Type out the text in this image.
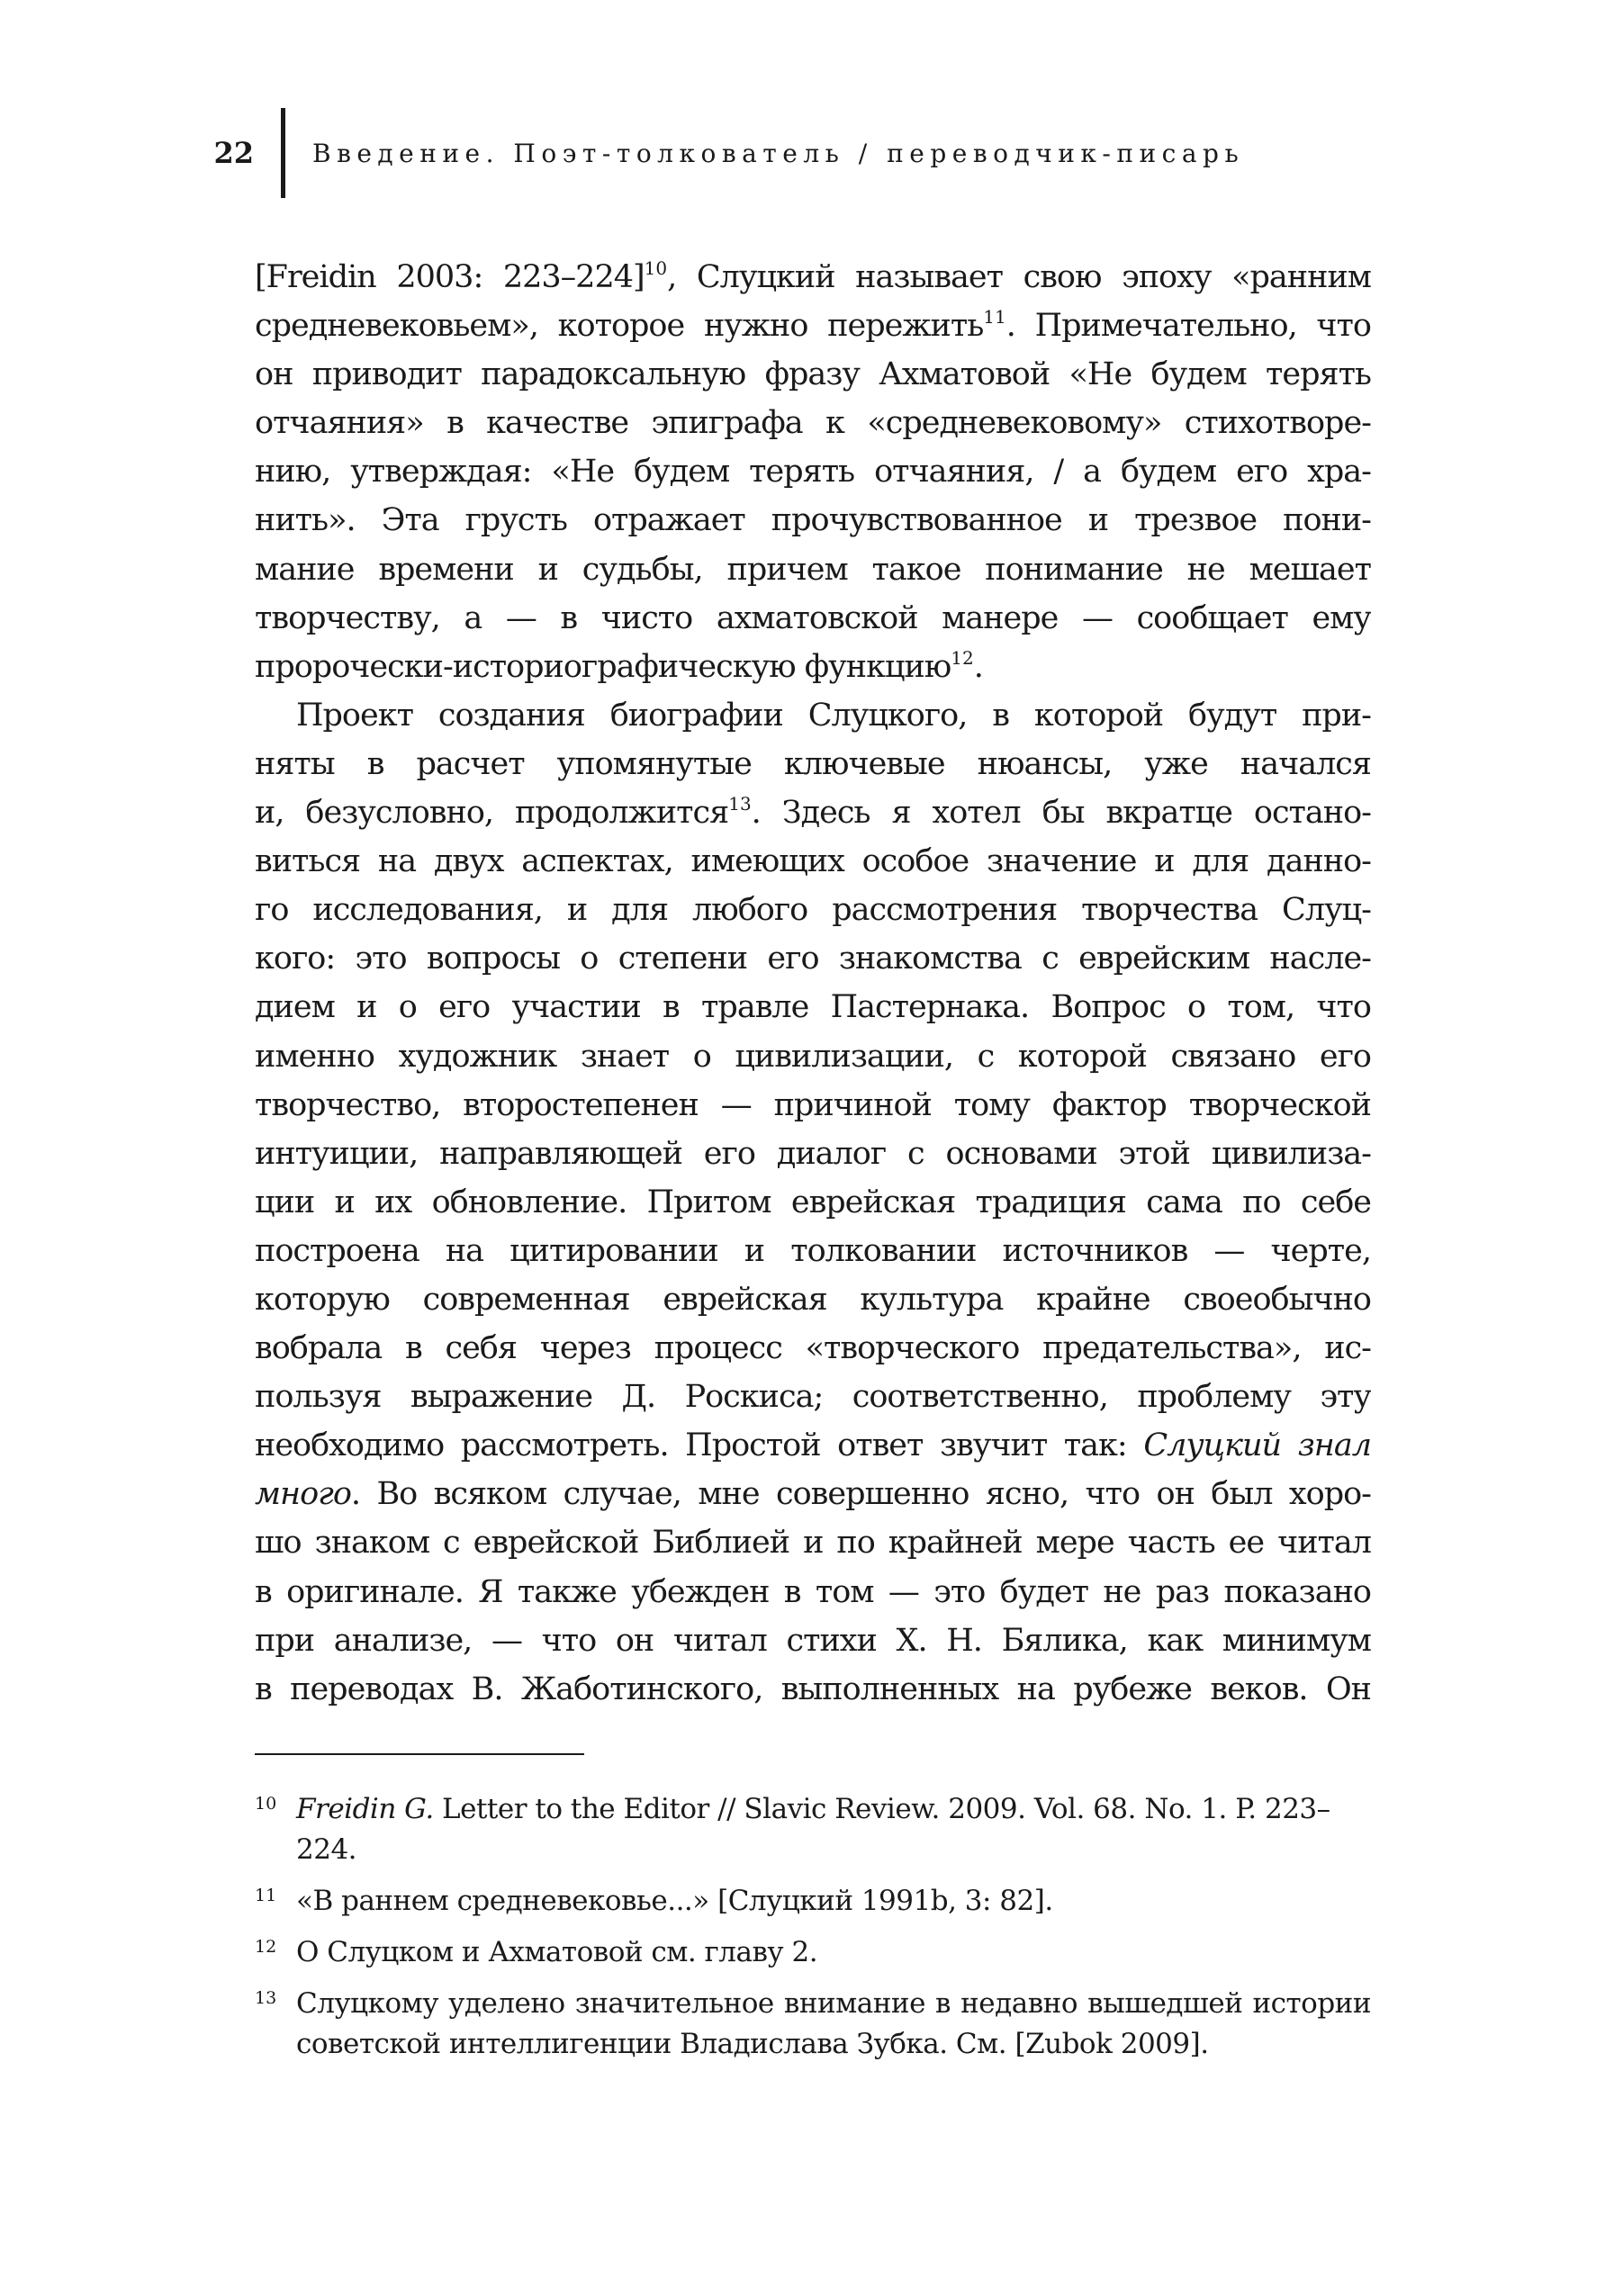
22 Введение. Поэт-толкователь / переводчик-писарь
[Freidin 2003: 223–224]$^{10}$, Слуцкий называет свою эпоху «ранним
средневековьем», которое нужно пережить$^{11}$. Примечательно, что
он приводит парадоксальную фразу Ахматовой «Не будем терять
отчаяния» в качестве эпиграфа к «средневековому» стихотворе-
нию, утверждая: «Не будем терять отчаяния, / а будем его хра-
нить». Эта грусть отражает прочувствованное и трезвое пони-
мание времени и судьбы, причем такое понимание не мешает
творчеству, а — в чисто ахматовской манере — сообщает ему
пророчески-историографическую функцию$^{12}$.
Проект создания биографии Слуцкого, в которой будут при-
няты в расчет упомянутые ключевые нюансы, уже начался
и, безусловно, продолжится$^{13}$. Здесь я хотел бы вкратце остано-
виться на двух аспектах, имеющих особое значение и для данно-
го исследования, и для любого рассмотрения творчества Слуц-
кого: это вопросы о степени его знакомства с еврейским насле-
дием и о его участии в травле Пастернака. Вопрос о том, что
именно художник знает о цивилизации, с которой связано его
творчество, второстепенен — причиной тому фактор творческой
интуиции, направляющей его диалог с основами этой цивилиза-
ции и их обновление. Притом еврейская традиция сама по себе
построена на цитировании и толковании источников — черте,
которую современная еврейская культура крайне своеобычно
вобрала в себя через процесс «творческого предательства», ис-
пользуя выражение Д. Роскиса; соответственно, проблему эту
необходимо рассмотреть. Простой ответ звучит так: Слуцкий знал
много. Во всяком случае, мне совершенно ясно, что он был хоро-
шо знаком с еврейской Библией и по крайней мере часть ее читал
в оригинале. Я также убежден в том — это будет не раз показано
при анализе, — что он читал стихи Х. Н. Бялика, как минимум
в переводах В. Жаботинского, выполненных на рубеже веков. Он
10 Freidin G. Letter to the Editor // Slavic Review. 2009. Vol. 68. No. 1. P. 223–224.
11 «В раннем средневековье...» [Слуцкий 1991b, 3: 82].
12 О Слуцком и Ахматовой см. главу 2.
13 Слуцкому уделено значительное внимание в недавно вышедшей истории
советской интеллигенции Владислава Зубка. См. [Zubok 2009].
